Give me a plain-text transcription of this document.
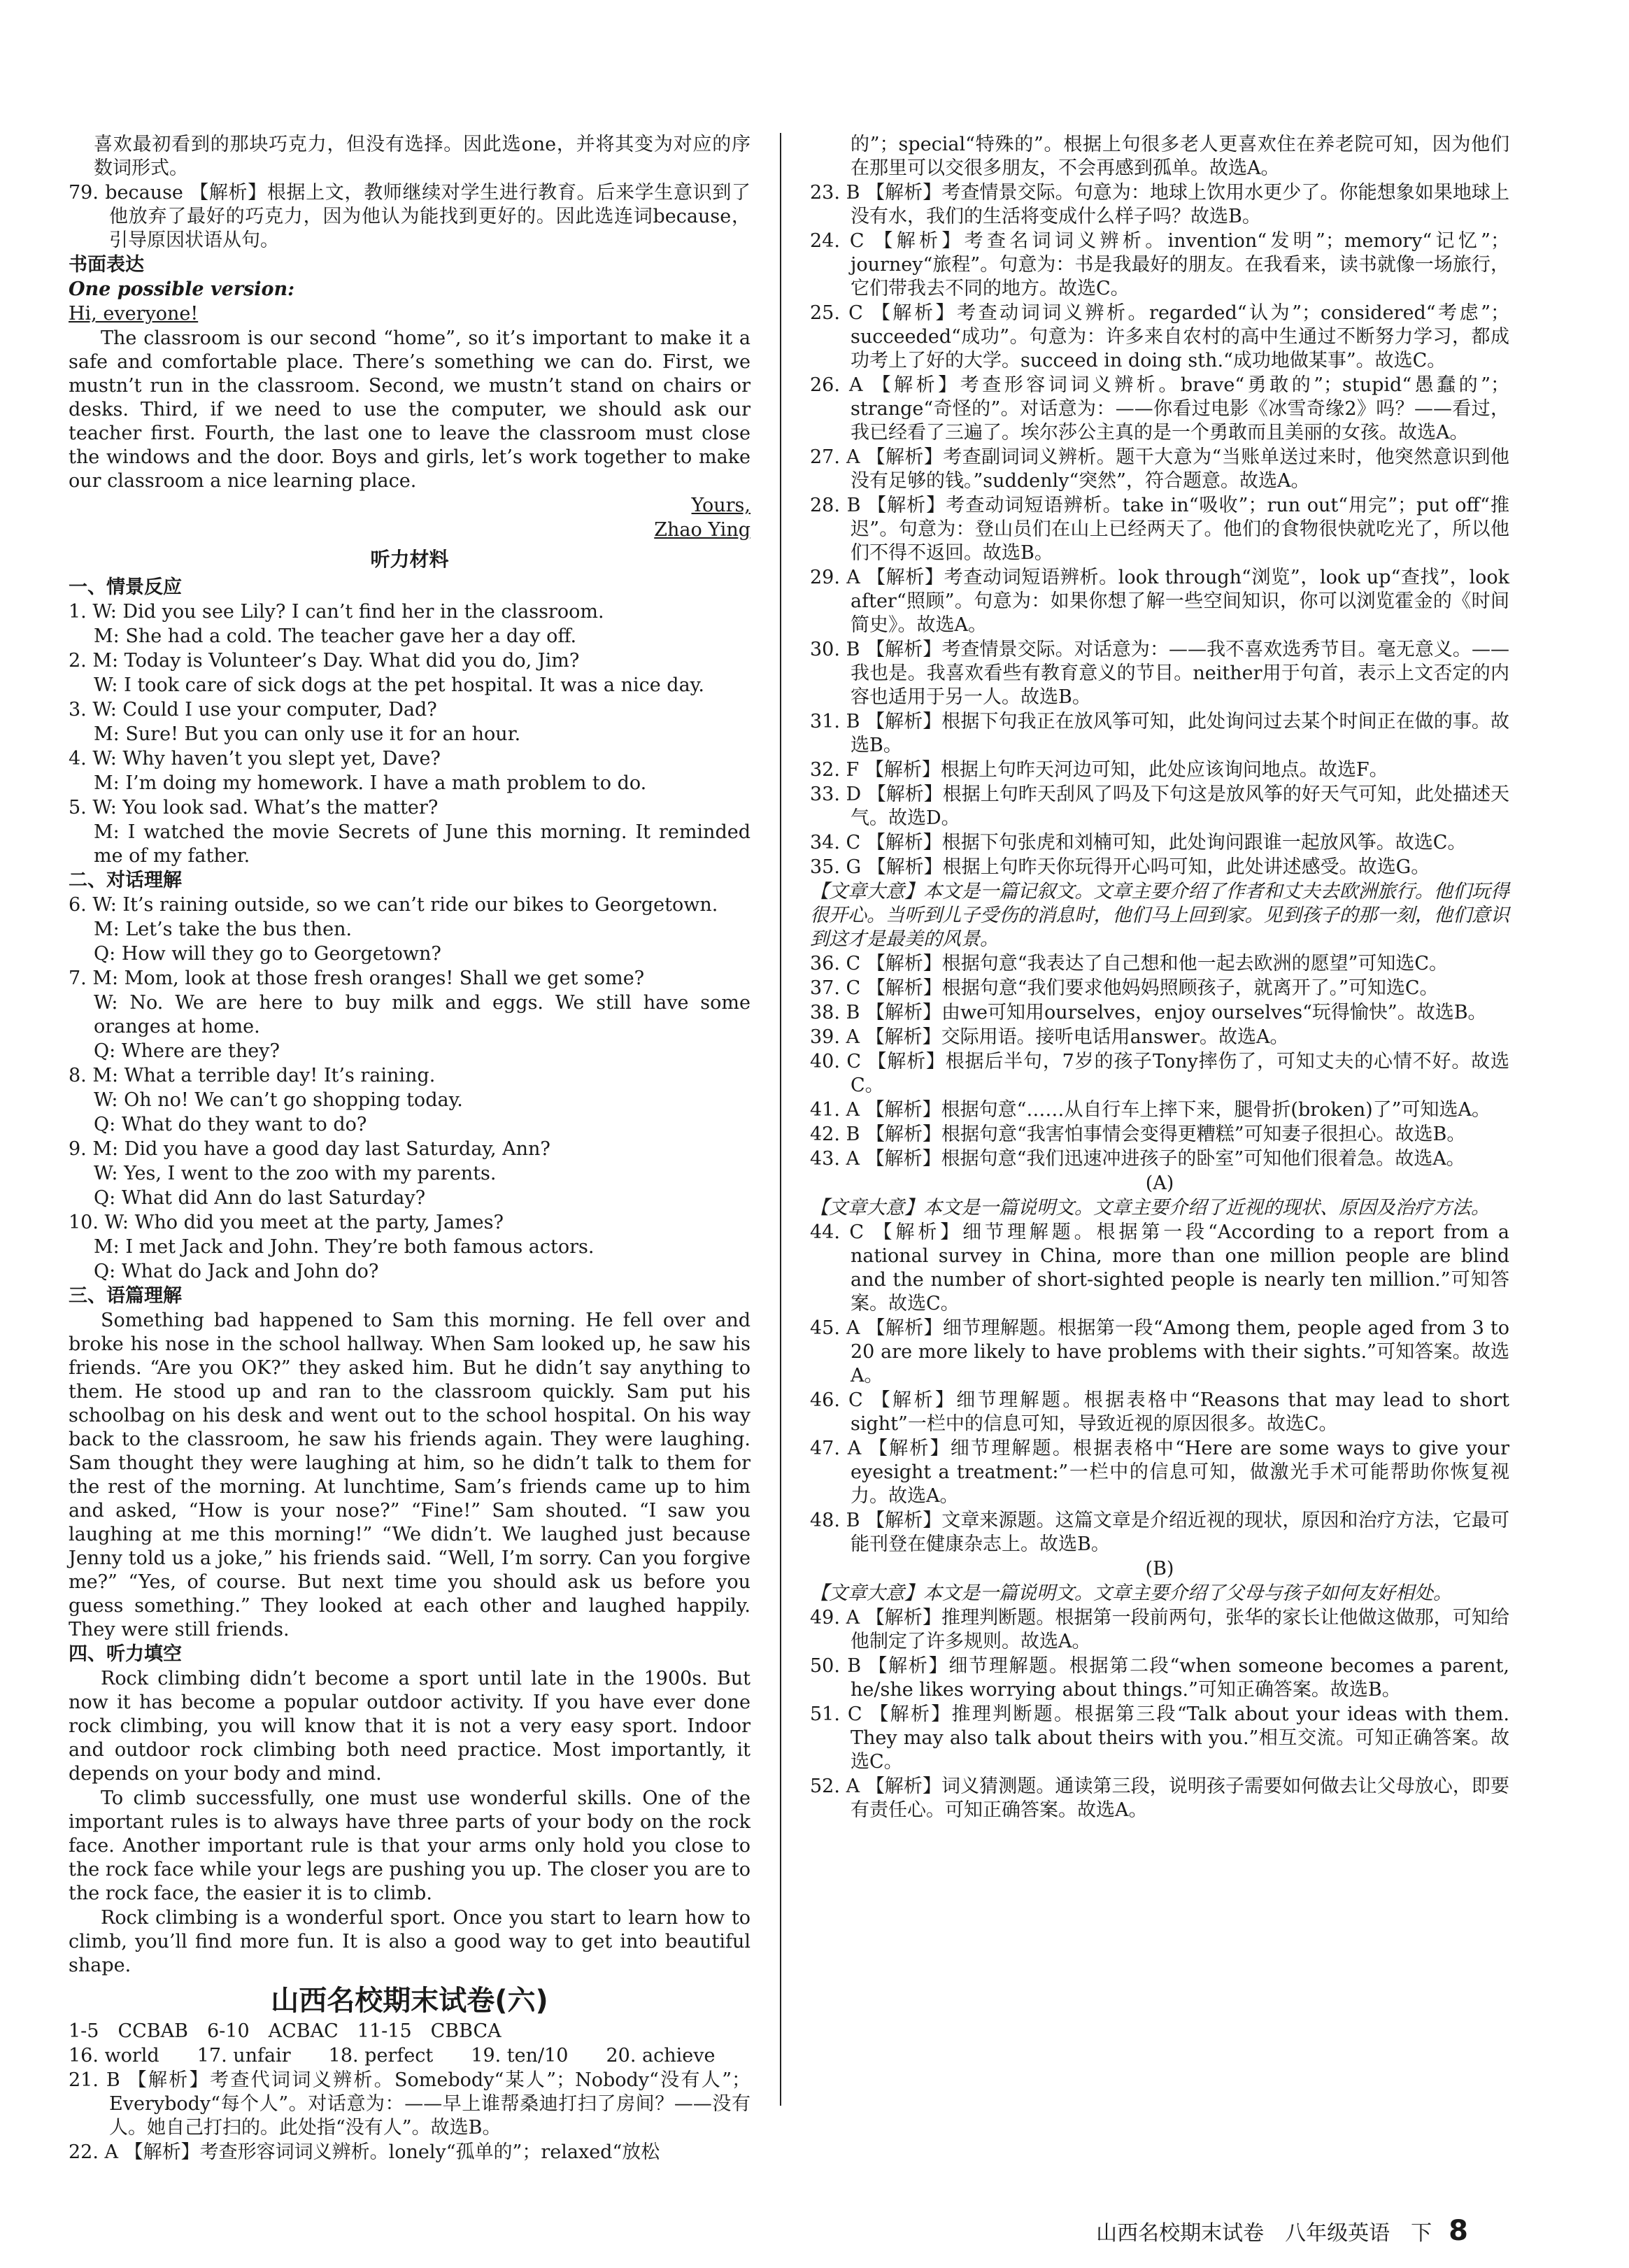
喜欢最初看到的那块巧克力，但没有选择。因此选one，并将其变为对应的序数词形式。
79. because 【解析】根据上文，教师继续对学生进行教育。后来学生意识到了他放弃了最好的巧克力，因为他认为能找到更好的。因此选连词because，引导原因状语从句。
书面表达
One possible version:
Hi, everyone!
The classroom is our second “home”, so it’s important to make it a safe and comfortable place. There’s something we can do. First, we mustn’t run in the classroom. Second, we mustn’t stand on chairs or desks. Third, if we need to use the computer, we should ask our teacher first. Fourth, the last one to leave the classroom must close the windows and the door. Boys and girls, let’s work together to make our classroom a nice learning place.
Yours,
Zhao Ying
听力材料
一、情景反应
1. W: Did you see Lily? I can’t find her in the classroom.
M: She had a cold. The teacher gave her a day off.
2. M: Today is Volunteer’s Day. What did you do, Jim?
W: I took care of sick dogs at the pet hospital. It was a nice day.
3. W: Could I use your computer, Dad?
M: Sure! But you can only use it for an hour.
4. W: Why haven’t you slept yet, Dave?
M: I’m doing my homework. I have a math problem to do.
5. W: You look sad. What’s the matter?
M: I watched the movie Secrets of June this morning. It reminded me of my father.
二、对话理解
6. W: It’s raining outside, so we can’t ride our bikes to Georgetown.
M: Let’s take the bus then.
Q: How will they go to Georgetown?
7. M: Mom, look at those fresh oranges! Shall we get some?
W: No. We are here to buy milk and eggs. We still have some oranges at home.
Q: Where are they?
8. M: What a terrible day! It’s raining.
W: Oh no! We can’t go shopping today.
Q: What do they want to do?
9. M: Did you have a good day last Saturday, Ann?
W: Yes, I went to the zoo with my parents.
Q: What did Ann do last Saturday?
10. W: Who did you meet at the party, James?
M: I met Jack and John. They’re both famous actors.
Q: What do Jack and John do?
三、语篇理解
Something bad happened to Sam this morning. He fell over and broke his nose in the school hallway. When Sam looked up, he saw his friends. “Are you OK?” they asked him. But he didn’t say anything to them. He stood up and ran to the classroom quickly. Sam put his schoolbag on his desk and went out to the school hospital. On his way back to the classroom, he saw his friends again. They were laughing. Sam thought they were laughing at him, so he didn’t talk to them for the rest of the morning. At lunchtime, Sam’s friends came up to him and asked, “How is your nose?” “Fine!” Sam shouted. “I saw you laughing at me this morning!” “We didn’t. We laughed just because Jenny told us a joke,” his friends said. “Well, I’m sorry. Can you forgive me?” “Yes, of course. But next time you should ask us before you guess something.” They looked at each other and laughed happily. They were still friends.
四、听力填空
Rock climbing didn’t become a sport until late in the 1900s. But now it has become a popular outdoor activity. If you have ever done rock climbing, you will know that it is not a very easy sport. Indoor and outdoor rock climbing both need practice. Most importantly, it depends on your body and mind.
To climb successfully, one must use wonderful skills. One of the important rules is to always have three parts of your body on the rock face. Another important rule is that your arms only hold you close to the rock face while your legs are pushing you up. The closer you are to the rock face, the easier it is to climb.
Rock climbing is a wonderful sport. Once you start to learn how to climb, you’ll find more fun. It is also a good way to get into beautiful shape.
山西名校期末试卷(六)
1-5　CCBAB　6-10　ACBAC　11-15　CBBCA
16. world　　17. unfair　　18. perfect　　19. ten/10　　20. achieve
21. B 【解析】考查代词词义辨析。Somebody“某人”；Nobody“没有人”；Everybody“每个人”。对话意为：——早上谁帮桑迪打扫了房间？——没有人。她自己打扫的。此处指“没有人”。故选B。
22. A 【解析】考查形容词词义辨析。lonely“孤单的”；relaxed“放松
的”；special“特殊的”。根据上句很多老人更喜欢住在养老院可知，因为他们在那里可以交很多朋友，不会再感到孤单。故选A。
23. B 【解析】考查情景交际。句意为：地球上饮用水更少了。你能想象如果地球上没有水，我们的生活将变成什么样子吗？故选B。
24. C 【解析】考查名词词义辨析。invention“发明”；memory“记忆”；journey“旅程”。句意为：书是我最好的朋友。在我看来，读书就像一场旅行，它们带我去不同的地方。故选C。
25. C 【解析】考查动词词义辨析。regarded“认为”；considered“考虑”；succeeded“成功”。句意为：许多来自农村的高中生通过不断努力学习，都成功考上了好的大学。succeed in doing sth.“成功地做某事”。故选C。
26. A 【解析】考查形容词词义辨析。brave“勇敢的”；stupid“愚蠢的”；strange“奇怪的”。对话意为：——你看过电影《冰雪奇缘2》吗？——看过，我已经看了三遍了。埃尔莎公主真的是一个勇敢而且美丽的女孩。故选A。
27. A 【解析】考查副词词义辨析。题干大意为“当账单送过来时，他突然意识到他没有足够的钱。”suddenly“突然”，符合题意。故选A。
28. B 【解析】考查动词短语辨析。take in“吸收”；run out“用完”；put off“推迟”。句意为：登山员们在山上已经两天了。他们的食物很快就吃光了，所以他们不得不返回。故选B。
29. A 【解析】考查动词短语辨析。look through“浏览”，look up“查找”，look after“照顾”。句意为：如果你想了解一些空间知识，你可以浏览霍金的《时间简史》。故选A。
30. B 【解析】考查情景交际。对话意为：——我不喜欢选秀节目。毫无意义。——我也是。我喜欢看些有教育意义的节目。neither用于句首，表示上文否定的内容也适用于另一人。故选B。
31. B 【解析】根据下句我正在放风筝可知，此处询问过去某个时间正在做的事。故选B。
32. F 【解析】根据上句昨天河边可知，此处应该询问地点。故选F。
33. D 【解析】根据上句昨天刮风了吗及下句这是放风筝的好天气可知，此处描述天气。故选D。
34. C 【解析】根据下句张虎和刘楠可知，此处询问跟谁一起放风筝。故选C。
35. G 【解析】根据上句昨天你玩得开心吗可知，此处讲述感受。故选G。
【文章大意】本文是一篇记叙文。文章主要介绍了作者和丈夫去欧洲旅行。他们玩得很开心。当听到儿子受伤的消息时，他们马上回到家。见到孩子的那一刻，他们意识到这才是最美的风景。
36. C 【解析】根据句意“我表达了自己想和他一起去欧洲的愿望”可知选C。
37. C 【解析】根据句意“我们要求他妈妈照顾孩子，就离开了。”可知选C。
38. B 【解析】由we可知用ourselves，enjoy ourselves“玩得愉快”。故选B。
39. A 【解析】交际用语。接听电话用answer。故选A。
40. C 【解析】根据后半句，7岁的孩子Tony摔伤了，可知丈夫的心情不好。故选C。
41. A 【解析】根据句意“……从自行车上摔下来，腿骨折(broken)了”可知选A。
42. B 【解析】根据句意“我害怕事情会变得更糟糕”可知妻子很担心。故选B。
43. A 【解析】根据句意“我们迅速冲进孩子的卧室”可知他们很着急。故选A。
(A)
【文章大意】本文是一篇说明文。文章主要介绍了近视的现状、原因及治疗方法。
44. C 【解析】细节理解题。根据第一段“According to a report from a national survey in China, more than one million people are blind and the number of short-sighted people is nearly ten million.”可知答案。故选C。
45. A 【解析】细节理解题。根据第一段“Among them, people aged from 3 to 20 are more likely to have problems with their sights.”可知答案。故选A。
46. C 【解析】细节理解题。根据表格中“Reasons that may lead to short sight”一栏中的信息可知，导致近视的原因很多。故选C。
47. A 【解析】细节理解题。根据表格中“Here are some ways to give your eyesight a treatment:”一栏中的信息可知，做激光手术可能帮助你恢复视力。故选A。
48. B 【解析】文章来源题。这篇文章是介绍近视的现状，原因和治疗方法，它最可能刊登在健康杂志上。故选B。
(B)
【文章大意】本文是一篇说明文。文章主要介绍了父母与孩子如何友好相处。
49. A 【解析】推理判断题。根据第一段前两句，张华的家长让他做这做那，可知给他制定了许多规则。故选A。
50. B 【解析】细节理解题。根据第二段“when someone becomes a parent, he/she likes worrying about things.”可知正确答案。故选B。
51. C 【解析】推理判断题。根据第三段“Talk about your ideas with them. They may also talk about theirs with you.”相互交流。可知正确答案。故选C。
52. A 【解析】词义猜测题。通读第三段，说明孩子需要如何做去让父母放心，即要有责任心。可知正确答案。故选A。
山西名校期末试卷　八年级英语　下 8
